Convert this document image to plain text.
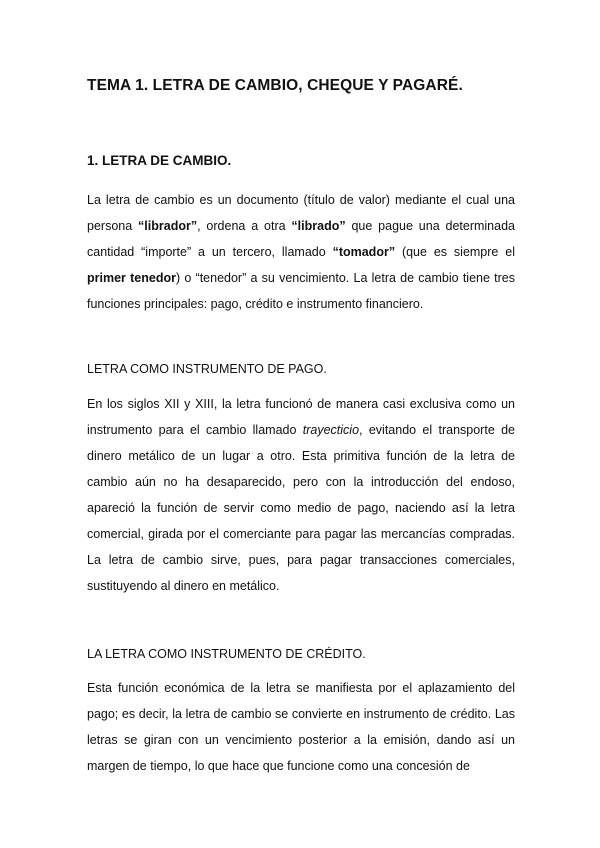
TEMA 1. LETRA DE CAMBIO, CHEQUE Y PAGARÉ.
1. LETRA DE CAMBIO.

La letra de cambio es un documento (título de valor) mediante el cual una persona “librador”, ordena a otra “librado” que pague una determinada cantidad “importe” a un tercero, llamado “tomador” (que es siempre el primer tenedor) o “tenedor” a su vencimiento. La letra de cambio tiene tres funciones principales: pago, crédito e instrumento financiero.

LETRA COMO INSTRUMENTO DE PAGO.

En los siglos XII y XIII, la letra funcionó de manera casi exclusiva como un instrumento para el cambio llamado trayecticio, evitando el transporte de dinero metálico de un lugar a otro. Esta primitiva función de la letra de cambio aún no ha desaparecido, pero con la introducción del endoso, apareció la función de servir como medio de pago, naciendo así la letra comercial, girada por el comerciante para pagar las mercancías compradas. La letra de cambio sirve, pues, para pagar transacciones comerciales, sustituyendo al dinero en metálico.

LA LETRA COMO INSTRUMENTO DE CRÉDITO.

Esta función económica de la letra se manifiesta por el aplazamiento del pago; es decir, la letra de cambio se convierte en instrumento de crédito. Las letras se giran con un vencimiento posterior a la emisión, dando así un margen de tiempo, lo que hace que funcione como una concesión de
